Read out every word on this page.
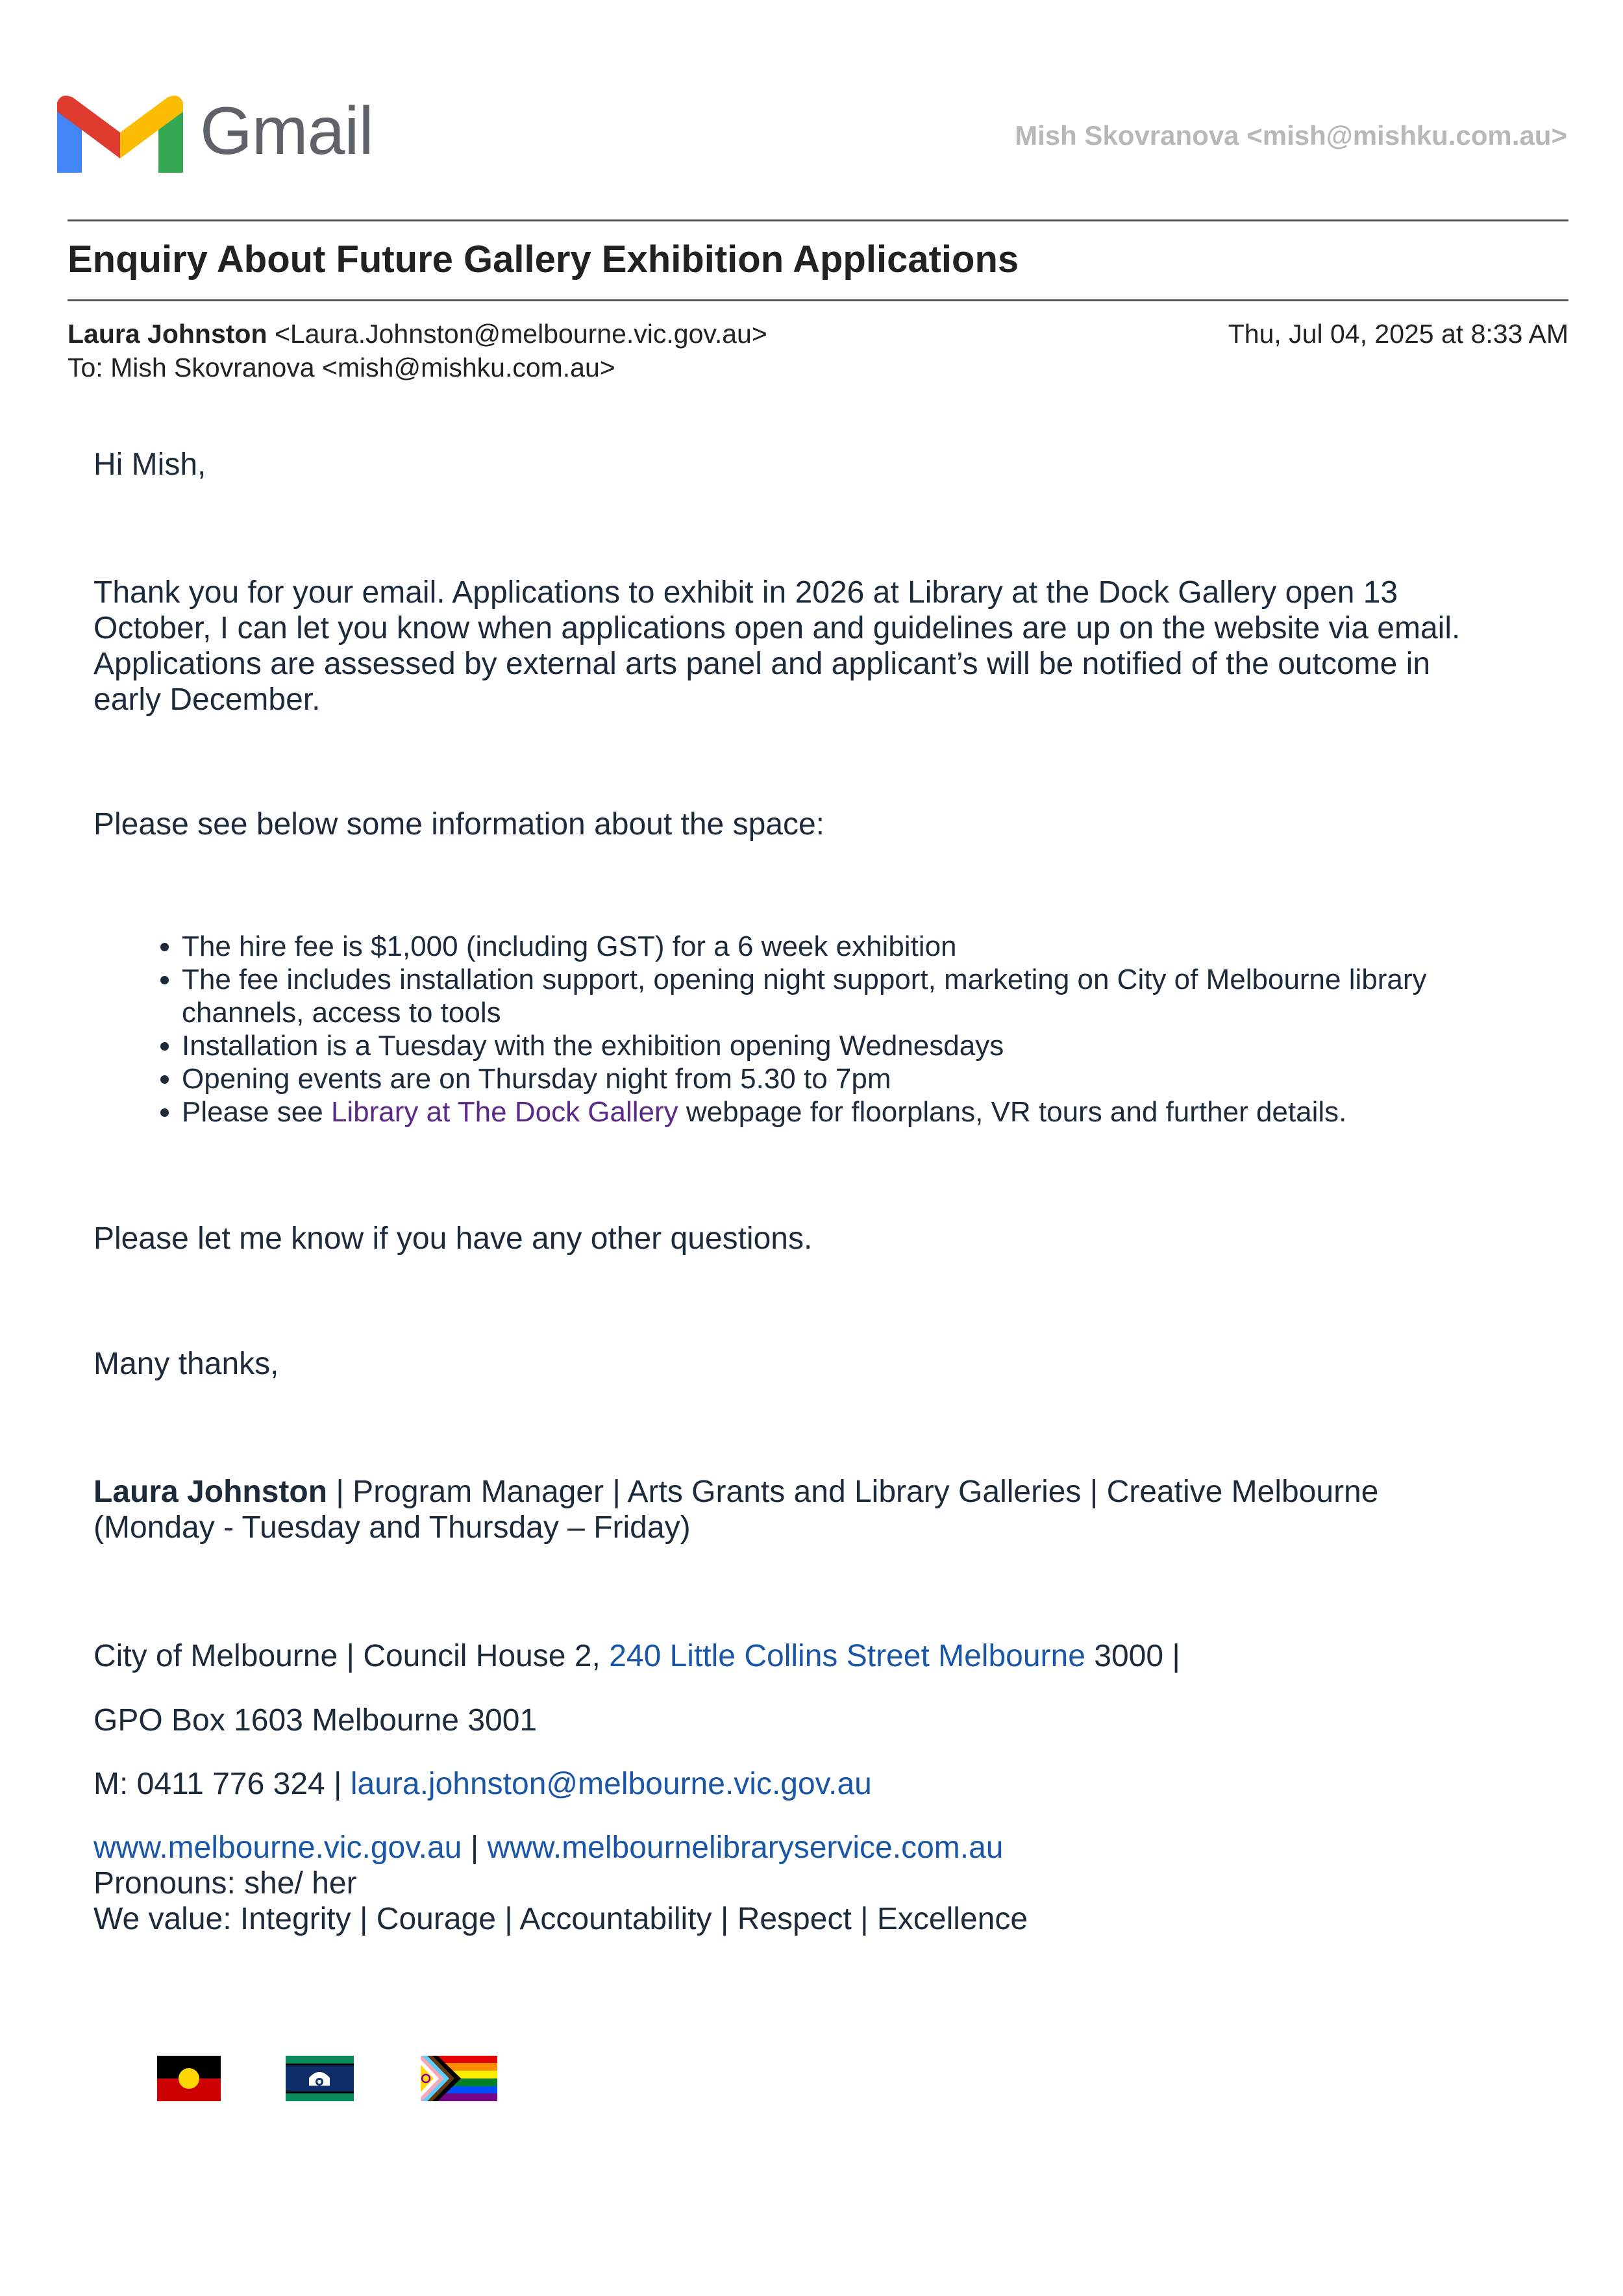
Gmail	Mish Skovranova <mish@mishku.com.au>
Enquiry About Future Gallery Exhibition Applications
Laura Johnston <Laura.Johnston@melbourne.vic.gov.au>	Thu, Jul 04, 2025 at 8:33 AM
To: Mish Skovranova <mish@mishku.com.au>
Hi Mish,
Thank you for your email. Applications to exhibit in 2026 at Library at the Dock Gallery open 13
October, I can let you know when applications open and guidelines are up on the website via email.
Applications are assessed by external arts panel and applicant’s will be notified of the outcome in
early December.
Please see below some information about the space:
• The hire fee is $1,000 (including GST) for a 6 week exhibition
• The fee includes installation support, opening night support, marketing on City of Melbourne library
channels, access to tools
• Installation is a Tuesday with the exhibition opening Wednesdays
• Opening events are on Thursday night from 5.30 to 7pm
• Please see Library at The Dock Gallery webpage for floorplans, VR tours and further details.
Please let me know if you have any other questions.
Many thanks,
Laura Johnston | Program Manager | Arts Grants and Library Galleries | Creative Melbourne
(Monday - Tuesday and Thursday – Friday)
City of Melbourne | Council House 2, 240 Little Collins Street Melbourne 3000 |
GPO Box 1603 Melbourne 3001
M: 0411 776 324 | laura.johnston@melbourne.vic.gov.au
www.melbourne.vic.gov.au | www.melbournelibraryservice.com.au
Pronouns: she/ her
We value: Integrity | Courage | Accountability | Respect | Excellence
